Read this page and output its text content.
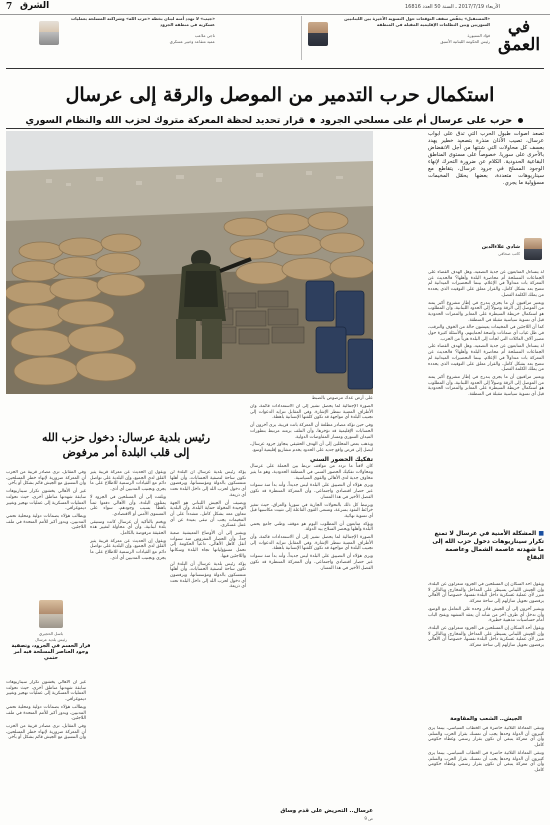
7 الشرق	الأربعاء 2017/7/19 ـ السنة 50 العدد 16816
في
العمق
«المستقبل» يخفّض سقف التوقعات حول التسوية الأخيرة بين اللبنانيين السوريين وبين التطلعات الإقليمية المقبلة في المنطقة
فؤاد السنيورة
رئيس الحكومة اللبنانية الأسبق
«جيب» لا تهدد أمنة لبنان بخطة «حزب الله» وشراكته المسلحة بعمليات عسكرية في منطقة الجرود
ناجي ملاعب
عميد متقاعد وخبير عسكري
استكمال حرب التدمير من الموصل والرقة إلى عرسال
حرب على عرسال أم على مسلحي الجرود  قرار تحديد لحظة المعركة متروك لحزب الله والنظام السوري
على أرض عدك مرصوص بالضبط

تصعد أصوات طبول الحرب التي تدق على أبواب عرسال، تصيب الآذان منذرة بتصعيد خطير يهدد بعسف كل محاولات التي شنتها من أجل الانقضاض بالأحرى على سوريا. خصوصاً على مستوى المناطق البقاعية الحدودية. الكلام عن ضرورة التحرك لإنهاء الوجود المسلح في جرود عرسال، يتقاطع مع سيناريوهات متعددة، بعضها يحمّل المخيمات مسؤولية ما يجري.

شادي علاءالدين
كاتب صحافي

لذ يتساءل المتابعون عن جدية التصعيد، وهل الهدف القضاء على الجماعات المسلحة أم محاصرة البلدة وأهلها؟ فالحديث عن المعركة بات متداولاً في الإعلام، بينما التحضيرات الميدانية لم تتضح بعد بشكل كامل، والقرار معلق على التوقيت الذي يحدده من يملك الكلمة الفصل.

ويعتبر مراقبون أن ما يجري يندرج في إطار مشروع أكبر يمتد من الموصل إلى الرقة وصولاً إلى الحدود اللبنانية، وأن المطلوب هو استكمال خريطة السيطرة على المعابر والممرات الحدودية قبل أي تسوية سياسية مقبلة في المنطقة.

كما أن اللاجئين في المخيمات يعيشون حالة من الخوف والترقب، في ظل غياب أي ضمانات واضحة لحمايتهم، والأسئلة كثيرة حول مصير آلاف العائلات التي لجأت إلى البلدة هرباً من الحرب.

لذ يتساءل المتابعون عن جدية التصعيد، وهل الهدف القضاء على الجماعات المسلحة أم محاصرة البلدة وأهلها؟ فالحديث عن المعركة بات متداولاً في الإعلام، بينما التحضيرات الميدانية لم تتضح بعد بشكل كامل، والقرار معلق على التوقيت الذي يحدده من يملك الكلمة الفصل.

ويعتبر مراقبون أن ما يجري يندرج في إطار مشروع أكبر يمتد من الموصل إلى الرقة وصولاً إلى الحدود اللبنانية، وأن المطلوب هو استكمال خريطة السيطرة على المعابر والممرات الحدودية قبل أي تسوية سياسية مقبلة في المنطقة.

■ المشكلة الأمنية في عرسال لا تمنع تكرار سيناريوهات دخول حزب الله إلى ما شهدته عاصمة الشمال وعاصمة البقاع

ويقول أحد السكان إن المسلحين في الجرود منعزلون عن البلدة، وإن الجيش اللبناني يسيطر على المداخل والمخارج، وبالتالي لا مبرر لأي عملية عسكرية داخل البلدة نفسها، خصوصاً أن الأهالي يرفضون تحويل منازلهم إلى ساحة معركة.

ويشير آخرون إلى أن الجيش قادر وحده على التعامل مع الوضع، وأن تدخل أي طرف آخر من شأنه أن يعقد المشهد ويفتح الباب أمام حساسيات مذهبية خطيرة.

ويقول أحد السكان إن المسلحين في الجرود منعزلون عن البلدة، وإن الجيش اللبناني يسيطر على المداخل والمخارج، وبالتالي لا مبرر لأي عملية عسكرية داخل البلدة نفسها، خصوصاً أن الأهالي يرفضون تحويل منازلهم إلى ساحة معركة.

الجيش.. الشعب والمقاومة

وتبقى المعادلة الثلاثية حاضرة في الخطاب السياسي، بينما يرى كثيرون أن الدولة وحدها يجب أن تمسك بقرار الحرب والسلم، وأن أي معركة ينبغي أن تكون بقرار رسمي وغطاء حكومي كامل.

وتبقى المعادلة الثلاثية حاضرة في الخطاب السياسي، بينما يرى كثيرون أن الدولة وحدها يجب أن تمسك بقرار الحرب والسلم، وأن أي معركة ينبغي أن تكون بقرار رسمي وغطاء حكومي كامل.

الصورة الإجمالية لما يحصل تشير إلى أن الاستعدادات قائمة، وأن الأطراف المعنية تنتظر الإشارة. وفي المقابل تتزايد الدعوات إلى تجنيب البلدة أي مواجهة قد تكون كلفتها الإنسانية باهظة.

وفي حين تؤكد مصادر مطلعة أن المعركة باتت قريبة، يرى آخرون أن الحسابات الإقليمية قد تؤخرها، وأن الملف برمته مرتبط بتطورات الميدان السوري ومسار المفاوضات الدولية.

ويذهب بعض المحللين إلى أن الهدف الحقيقي يتجاوز جرود عرسال، ليصل إلى فرض واقع جديد على الحدود يخدم مشاريع إقليمية أوسع.

تفكيك الحضور السني

كان لافتاً ما تردد من مواقف تربط بين الحملة على عرسال ومحاولات تفكيك الحضور السني في المنطقة الحدودية، وهو ما يثير مخاوف جدية لدى الأهالي والقوى السياسية.

ويرى هؤلاء أن التضييق على البلدة ليس جديداً، وأنه بدأ منذ سنوات عبر حصار اقتصادي واجتماعي، وأن المعركة المنتظرة قد تكون الفصل الأخير في هذا المسار.

ويرتبط كل ذلك بالتحولات الجارية في سوريا والعراق، حيث تتغير خرائط النفوذ بسرعة، وتسعى القوى الفاعلة إلى تثبيت مكاسبها قبل أي تسوية نهائية.

ويؤكد متابعون أن المطلوب اليوم هو موقف وطني جامع يحمي البلدة وأهلها ويحصر السلاح بيد الدولة.

الصورة الإجمالية لما يحصل تشير إلى أن الاستعدادات قائمة، وأن الأطراف المعنية تنتظر الإشارة. وفي المقابل تتزايد الدعوات إلى تجنيب البلدة أي مواجهة قد تكون كلفتها الإنسانية باهظة.

ويرى هؤلاء أن التضييق على البلدة ليس جديداً، وأنه بدأ منذ سنوات عبر حصار اقتصادي واجتماعي، وأن المعركة المنتظرة قد تكون الفصل الأخير في هذا المسار.

عرسال.. التحريض على قدم وساق
ص 9
رئيس بلدية عرسال: دخول حزب الله
إلى قلب البلدة أمر مرفوض

يؤكد رئيس بلدية عرسال أن البلدة لن تكون ساحة لتصفية الحسابات، وأن أهلها متمسكون بالدولة ومؤسساتها، ويرفضون أي دخول لحزب الله إلى داخل البلدة تحت أي ذريعة.

ويضيف أن الجيش اللبناني هو الجهة الوحيدة المخولة حماية البلدة، وأن البلدية تتعاون معه بشكل كامل، مشدداً على أن المخيمات يجب أن تبقى بعيدة عن أي عمل عسكري.

ويشير إلى أن الأوضاع المعيشية صعبة جداً، وأن الحصار المفروض منذ سنوات أثقل كاهل الأهالي، داعياً الحكومة إلى تحمل مسؤولياتها تجاه البلدة وسكانها واللاجئين فيها.

يؤكد رئيس بلدية عرسال أن البلدة لن تكون ساحة لتصفية الحسابات، وأن أهلها متمسكون بالدولة ومؤسساتها، ويرفضون أي دخول لحزب الله إلى داخل البلدة تحت أي ذريعة.

ويقول إن الحديث عن معركة قريبة يثير القلق لدى الجميع، وإن البلدية على تواصل دائم مع القيادات الرسمية للاطلاع على ما يجري وتجنيب المدنيين أي أذى.

ويلفت إلى أن المسلحين في الجرود لا يمثلون البلدة، وأن الأهالي دفعوا ثمناً باهظاً بسبب وجودهم، سواء على المستوى الأمني أو الاقتصادي.

ويختم بالتأكيد أن عرسال كانت وستبقى بلدة لبنانية، وأن أي محاولة لتغيير هذه الحقيقة مرفوضة بالكامل.

ويقول إن الحديث عن معركة قريبة يثير القلق لدى الجميع، وإن البلدية على تواصل دائم مع القيادات الرسمية للاطلاع على ما يجري وتجنيب المدنيين أي أذى.

وفي المقابل، ترى مصادر قريبة من الحزب أن المعركة ضرورية لإنهاء خطر المسلحين، وأن التنسيق مع الجيش قائم بشكل أو بآخر.

غير أن الأهالي يخشون تكرار سيناريوهات سابقة شهدتها مناطق أخرى، حيث تحولت العمليات العسكرية إلى عمليات تهجير وتغيير ديموغرافي.

ويطالب هؤلاء بضمانات دولية ومحلية تحمي المدنيين، وبدور أكبر للأمم المتحدة في ملف اللاجئين.

باسل الحجيري
رئيس بلدية عرسال
فرار الحسم في الجرود، وتصفية وجود العناصر المسلحة فيه أمر حتمي

غير أن الأهالي يخشون تكرار سيناريوهات سابقة شهدتها مناطق أخرى، حيث تحولت العمليات العسكرية إلى عمليات تهجير وتغيير ديموغرافي.

ويطالب هؤلاء بضمانات دولية ومحلية تحمي المدنيين، وبدور أكبر للأمم المتحدة في ملف اللاجئين.

وفي المقابل، ترى مصادر قريبة من الحزب أن المعركة ضرورية لإنهاء خطر المسلحين، وأن التنسيق مع الجيش قائم بشكل أو بآخر.
